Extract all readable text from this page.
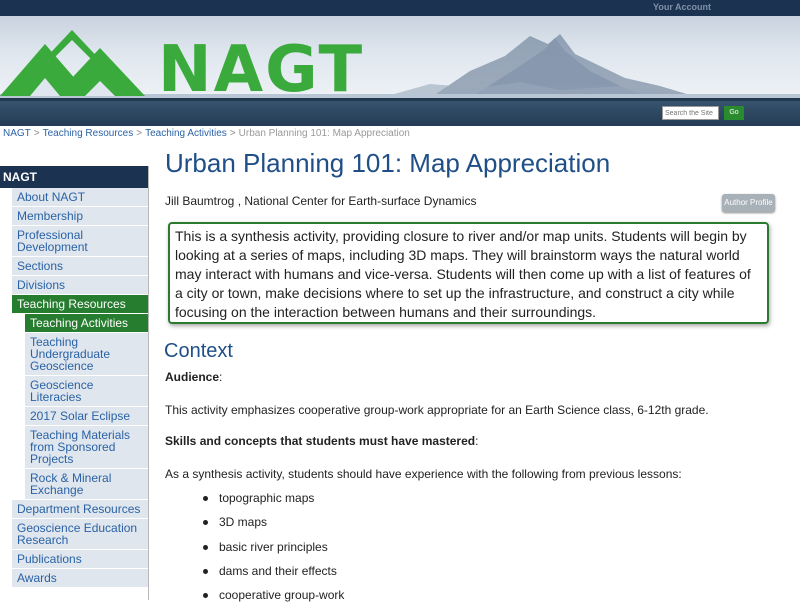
Your Account
NAGT
Search the Site
Go
NAGT > Teaching Resources > Teaching Activities > Urban Planning 101: Map Appreciation
NAGT
About NAGT
Membership
Professional Development
Sections
Divisions
Teaching Resources
Teaching Activities
Teaching Undergraduate Geoscience
Geoscience Literacies
2017 Solar Eclipse
Teaching Materials from Sponsored Projects
Rock & Mineral Exchange
Department Resources
Geoscience Education Research
Publications
Awards
Urban Planning 101: Map Appreciation
Jill Baumtrog , National Center for Earth-surface Dynamics	Author Profile
This is a synthesis activity, providing closure to river and/or map units. Students will begin by looking at a series of maps, including 3D maps. They will brainstorm ways the natural world may interact with humans and vice-versa. Students will then come up with a list of features of a city or town, make decisions where to set up the infrastructure, and construct a city while focusing on the interaction between humans and their surroundings.
Context
Audience:
This activity emphasizes cooperative group-work appropriate for an Earth Science class, 6-12th grade.
Skills and concepts that students must have mastered:
As a synthesis activity, students should have experience with the following from previous lessons:
topographic maps
3D maps
basic river principles
dams and their effects
cooperative group-work
